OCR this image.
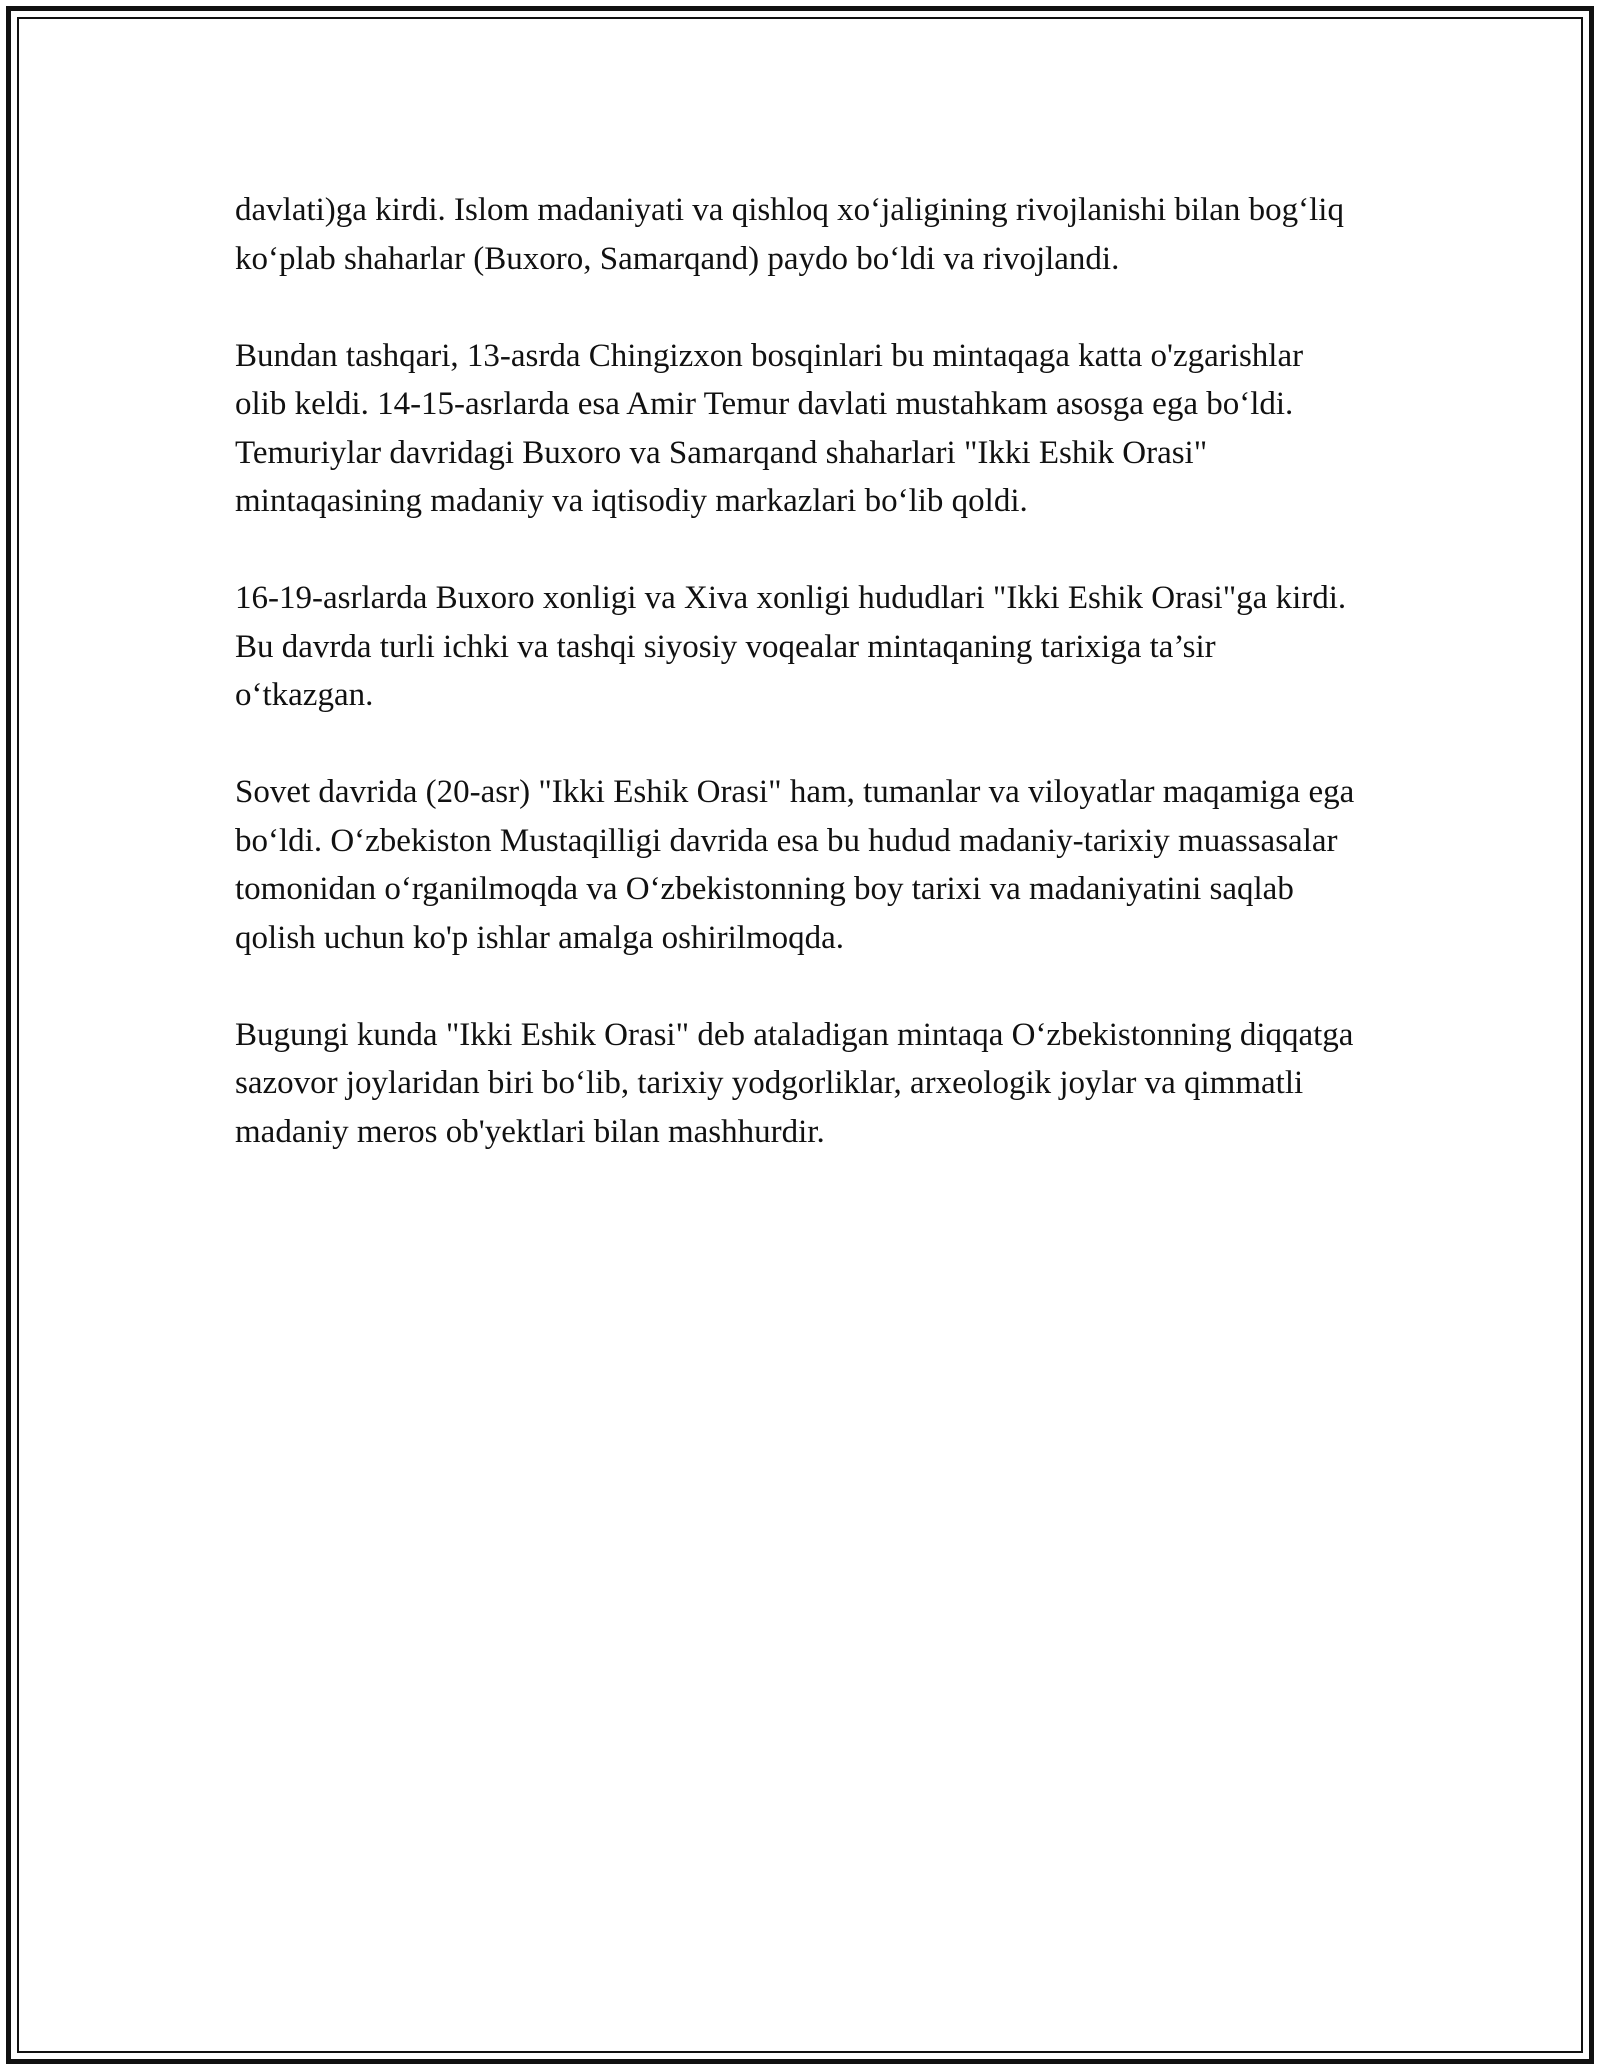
davlati)ga kirdi. Islom madaniyati va qishloq xo‘jaligining rivojlanishi bilan bog‘liq ko‘plab shaharlar (Buxoro, Samarqand) paydo bo‘ldi va rivojlandi.

Bundan tashqari, 13-asrda Chingizxon bosqinlari bu mintaqaga katta o'zgarishlar olib keldi. 14-15-asrlarda esa Amir Temur davlati mustahkam asosga ega bo‘ldi. Temuriylar davridagi Buxoro va Samarqand shaharlari "Ikki Eshik Orasi" mintaqasining madaniy va iqtisodiy markazlari bo‘lib qoldi.

16-19-asrlarda Buxoro xonligi va Xiva xonligi hududlari "Ikki Eshik Orasi"ga kirdi. Bu davrda turli ichki va tashqi siyosiy voqealar mintaqaning tarixiga ta’sir o‘tkazgan.

Sovet davrida (20-asr) "Ikki Eshik Orasi" ham, tumanlar va viloyatlar maqamiga ega bo‘ldi. O‘zbekiston Mustaqilligi davrida esa bu hudud madaniy-tarixiy muassasalar tomonidan o‘rganilmoqda va O‘zbekistonning boy tarixi va madaniyatini saqlab qolish uchun ko'p ishlar amalga oshirilmoqda.

Bugungi kunda "Ikki Eshik Orasi" deb ataladigan mintaqa O‘zbekistonning diqqatga sazovor joylaridan biri bo‘lib, tarixiy yodgorliklar, arxeologik joylar va qimmatli madaniy meros ob'yektlari bilan mashhurdir.
